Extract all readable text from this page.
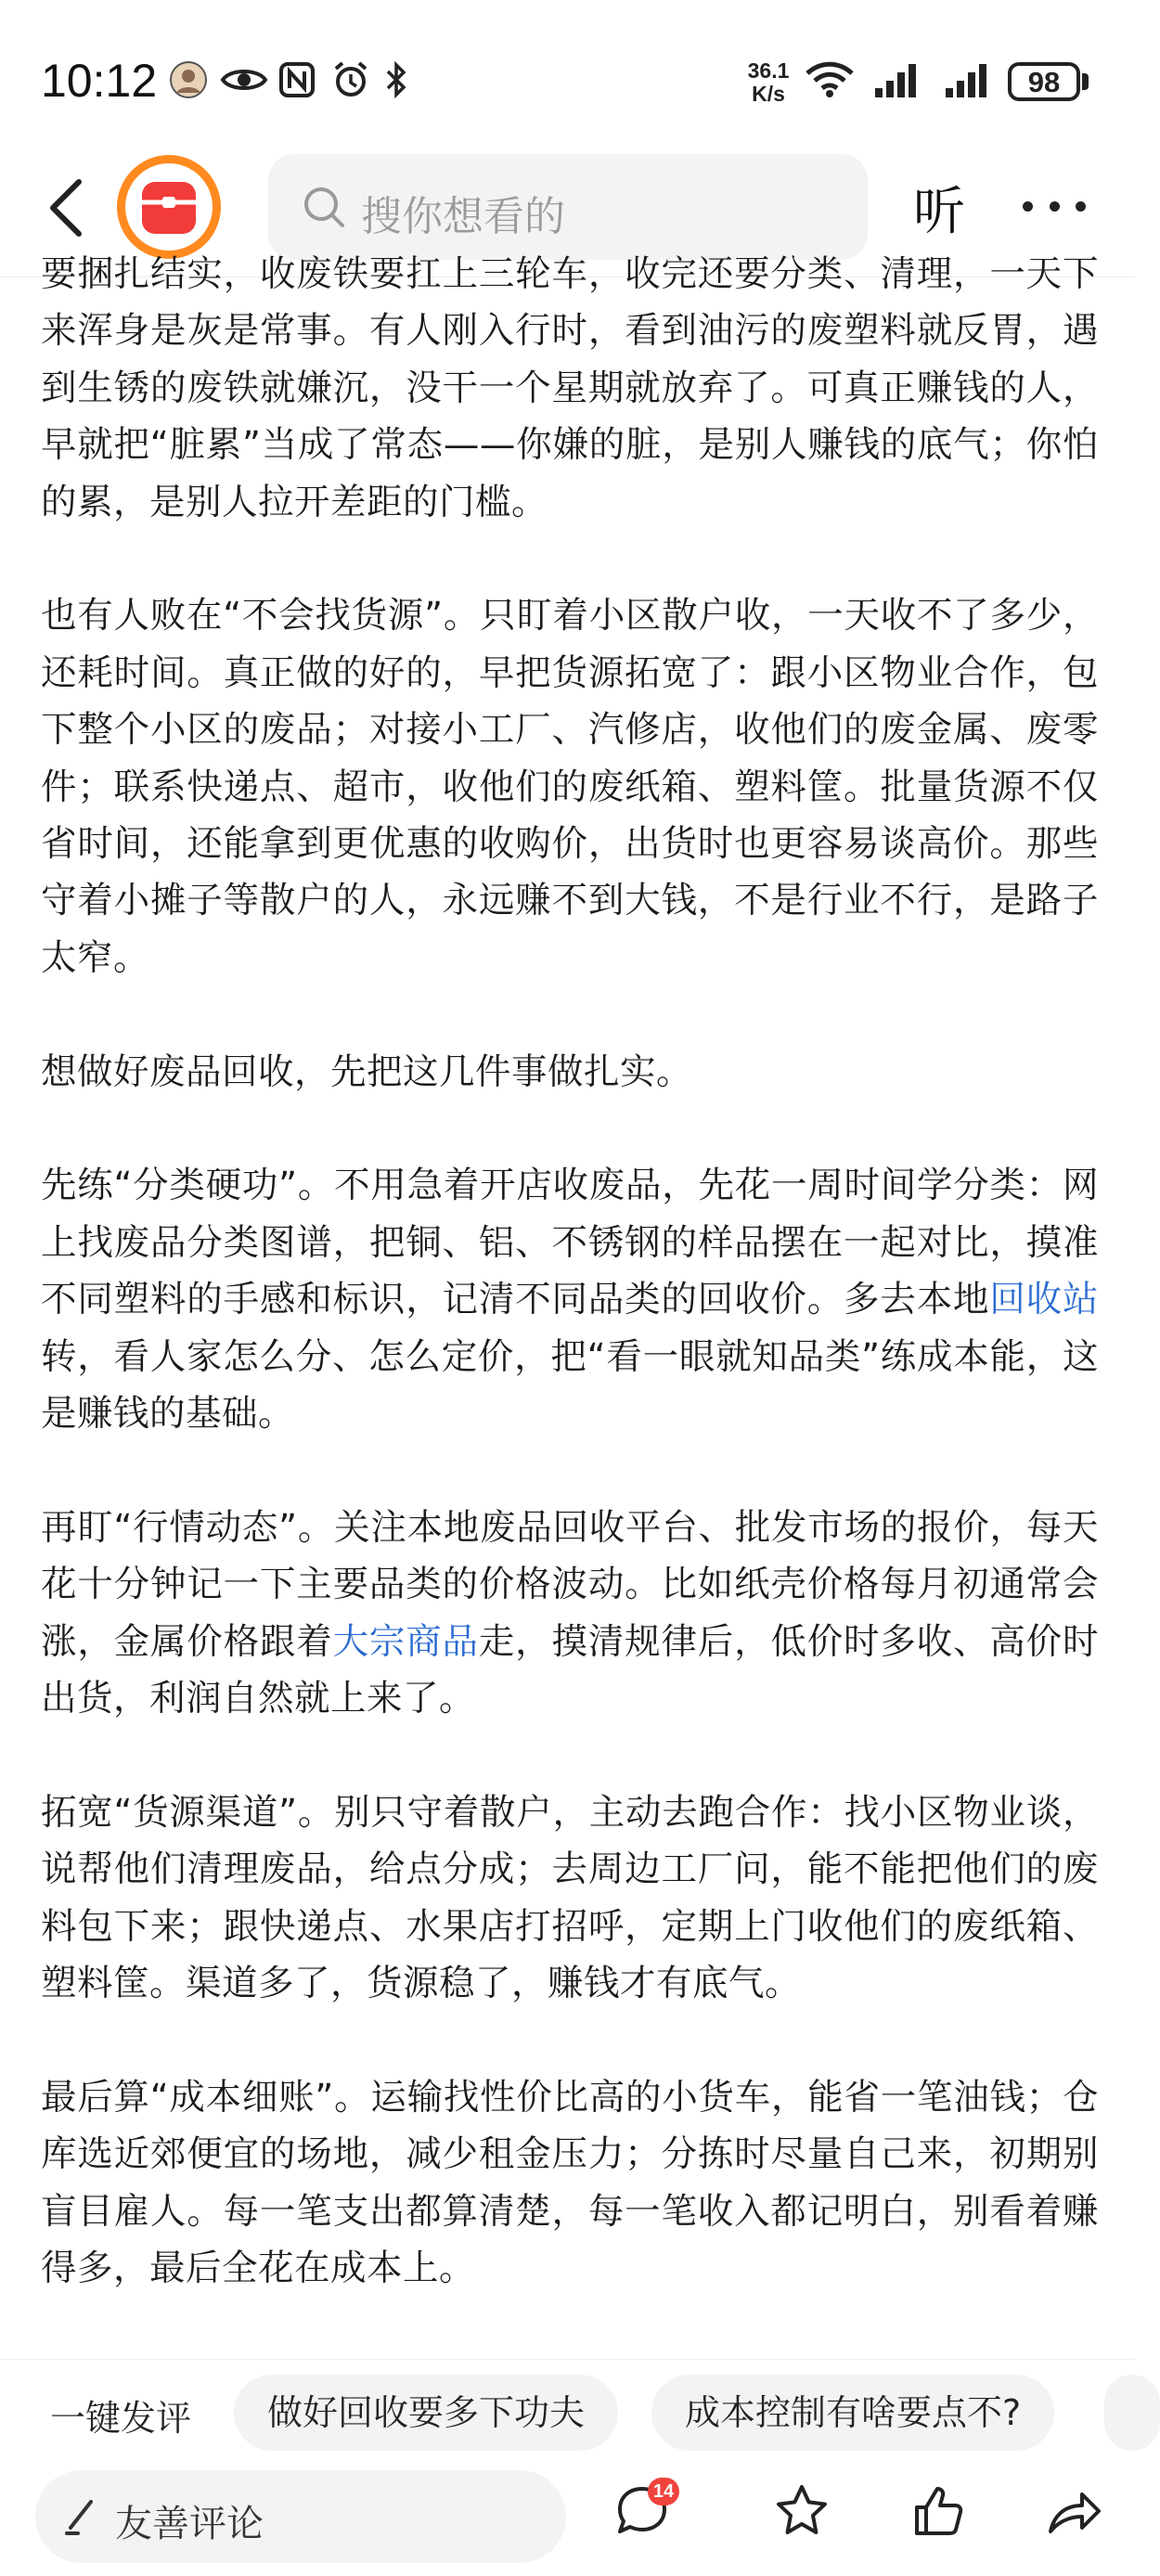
10:12	36.1
K/s	98
搜你想看的	听

要捆扎结实，收废铁要扛上三轮车，收完还要分类、清理，一天下来浑身是灰是常事。有人刚入行时，看到油污的废塑料就反胃，遇到生锈的废铁就嫌沉，没干一个星期就放弃了。可真正赚钱的人，早就把“脏累”当成了常态——你嫌的脏，是别人赚钱的底气；你怕的累，是别人拉开差距的门槛。

也有人败在“不会找货源”。只盯着小区散户收，一天收不了多少，还耗时间。真正做的好的，早把货源拓宽了：跟小区物业合作，包下整个小区的废品；对接小工厂、汽修店，收他们的废金属、废零件；联系快递点、超市，收他们的废纸箱、塑料筐。批量货源不仅省时间，还能拿到更优惠的收购价，出货时也更容易谈高价。那些守着小摊子等散户的人，永远赚不到大钱，不是行业不行，是路子太窄。

想做好废品回收，先把这几件事做扎实。

先练“分类硬功”。不用急着开店收废品，先花一周时间学分类：网上找废品分类图谱，把铜、铝、不锈钢的样品摆在一起对比，摸准不同塑料的手感和标识，记清不同品类的回收价。多去本地回收站转，看人家怎么分、怎么定价，把“看一眼就知品类”练成本能，这是赚钱的基础。

再盯“行情动态”。关注本地废品回收平台、批发市场的报价，每天花十分钟记一下主要品类的价格波动。比如纸壳价格每月初通常会涨，金属价格跟着大宗商品走，摸清规律后，低价时多收、高价时出货，利润自然就上来了。

拓宽“货源渠道”。别只守着散户，主动去跑合作：找小区物业谈，说帮他们清理废品，给点分成；去周边工厂问，能不能把他们的废料包下来；跟快递点、水果店打招呼，定期上门收他们的废纸箱、塑料筐。渠道多了，货源稳了，赚钱才有底气。

最后算“成本细账”。运输找性价比高的小货车，能省一笔油钱；仓库选近郊便宜的场地，减少租金压力；分拣时尽量自己来，初期别盲目雇人。每一笔支出都算清楚，每一笔收入都记明白，别看着赚得多，最后全花在成本上。

一键发评	做好回收要多下功夫	成本控制有啥要点不?
友善评论
14
